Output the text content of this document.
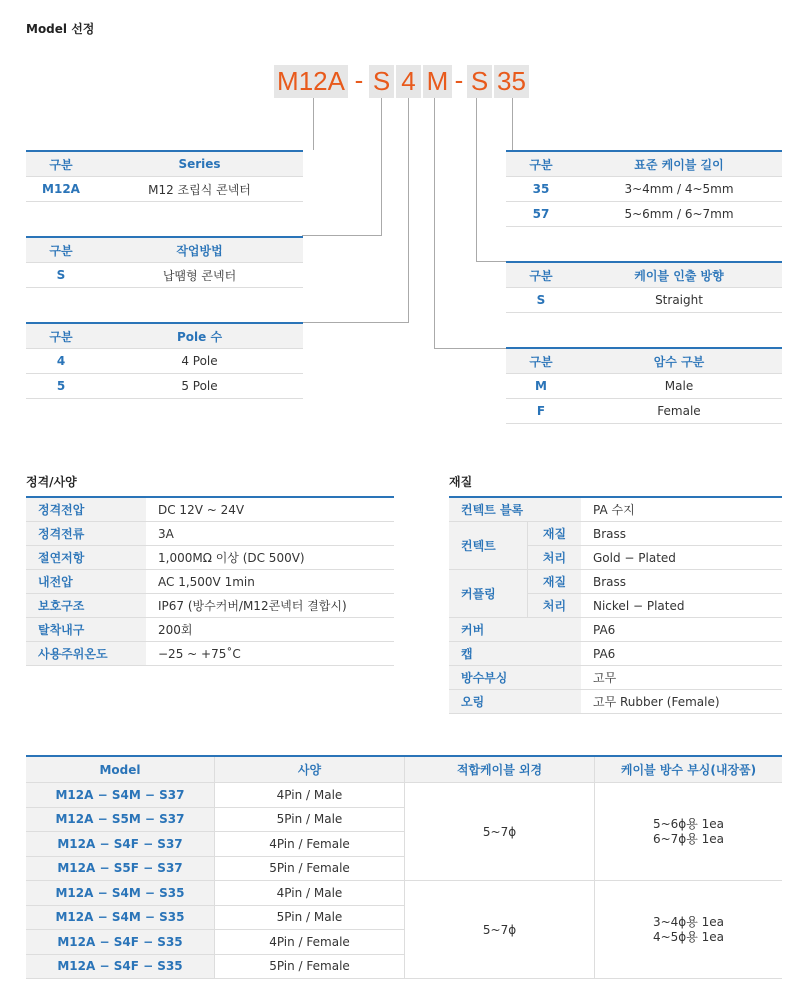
Model 선정
M12A - S 4 M - S 35
구분	Series
M12A	M12 조립식 콘넥터
구분	작업방법
S	납땜형 콘넥터
구분	Pole 수
4	4 Pole
5	5 Pole
구분	표준 케이블 길이
35	3~4mm / 4~5mm
57	5~6mm / 6~7mm
구분	케이블 인출 방향
S	Straight
구분	암수 구분
M	Male
F	Female
정격/사양
정격전압	DC 12V ~ 24V
정격전류	3A
절연저항	1,000MΩ 이상 (DC 500V)
내전압	AC 1,500V 1min
보호구조	IP67 (방수커버/M12콘넥터 결합시)
탈착내구	200회
사용주위온도	−25 ~ +75˚C
재질
컨텍트 블록		PA 수지
컨텍트	재질	Brass
	처리	Gold − Plated
커플링	재질	Brass
	처리	Nickel − Plated
커버		PA6
캡		PA6
방수부싱		고무
오링		고무 Rubber (Female)
Model	사양	적합케이블 외경	케이블 방수 부싱(내장품)
M12A − S4M − S37	4Pin / Male	5~7ϕ	5~6ϕ용 1ea
6~7ϕ용 1ea
M12A − S5M − S37	5Pin / Male		
M12A − S4F − S37	4Pin / Female		
M12A − S5F − S37	5Pin / Female		
M12A − S4M − S35	4Pin / Male	5~7ϕ	3~4ϕ용 1ea
4~5ϕ용 1ea
M12A − S4M − S35	5Pin / Male		
M12A − S4F − S35	4Pin / Female		
M12A − S4F − S35	5Pin / Female		
